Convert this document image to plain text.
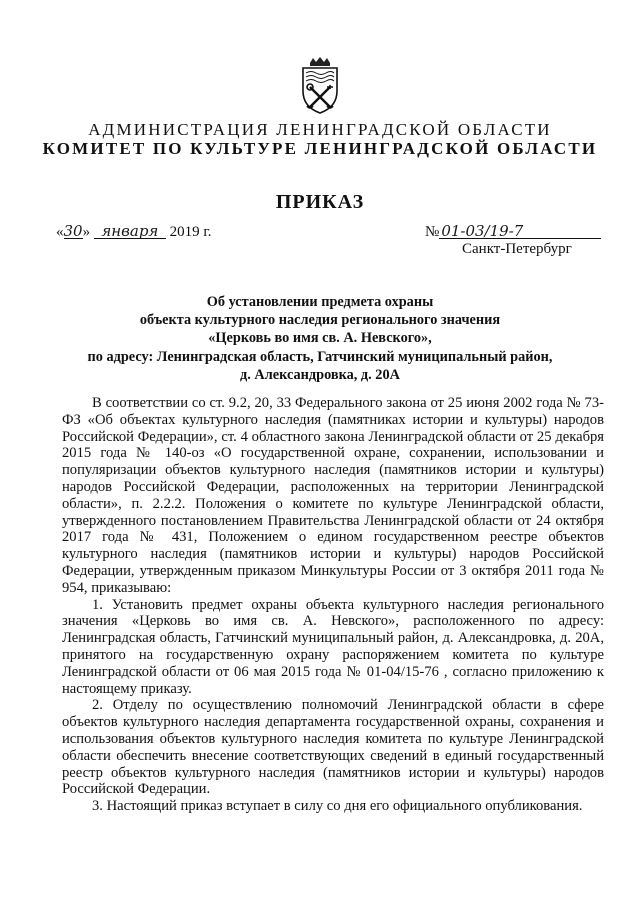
АДМИНИСТРАЦИЯ ЛЕНИНГРАДСКОЙ ОБЛАСТИ
КОМИТЕТ ПО КУЛЬТУРЕ ЛЕНИНГРАДСКОЙ ОБЛАСТИ
ПРИКАЗ
«30» января 2019 г.	№ 01-03/19-7
Санкт-Петербург
Об установлении предмета охраны
объекта культурного наследия регионального значения
«Церковь во имя св. А. Невского»,
по адресу: Ленинградская область, Гатчинский муниципальный район,
д. Александровка, д. 20А

В соответствии со ст. 9.2, 20, 33 Федерального закона от 25 июня 2002 года № 73-ФЗ «Об объектах культурного наследия (памятниках истории и культуры) народов Российской Федерации», ст. 4 областного закона Ленинградской области от 25 декабря 2015 года № 140-оз «О государственной охране, сохранении, использовании и популяризации объектов культурного наследия (памятников истории и культуры) народов Российской Федерации, расположенных на территории Ленинградской области», п. 2.2.2. Положения о комитете по культуре Ленинградской области, утвержденного постановлением Правительства Ленинградской области от 24 октября 2017 года № 431, Положением о едином государственном реестре объектов культурного наследия (памятников истории и культуры) народов Российской Федерации, утвержденным приказом Минкультуры России от 3 октября 2011 года № 954, приказываю:

1. Установить предмет охраны объекта культурного наследия регионального значения «Церковь во имя св. А. Невского», расположенного по адресу: Ленинградская область, Гатчинский муниципальный район, д. Александровка, д. 20А, принятого на государственную охрану распоряжением комитета по культуре Ленинградской области от 06 мая 2015 года № 01-04/15-76 , согласно приложению к настоящему приказу.

2. Отделу по осуществлению полномочий Ленинградской области в сфере объектов культурного наследия департамента государственной охраны, сохранения и использования объектов культурного наследия комитета по культуре Ленинградской области обеспечить внесение соответствующих сведений в единый государственный реестр объектов культурного наследия (памятников истории и культуры) народов Российской Федерации.

3. Настоящий приказ вступает в силу со дня его официального опубликования.
